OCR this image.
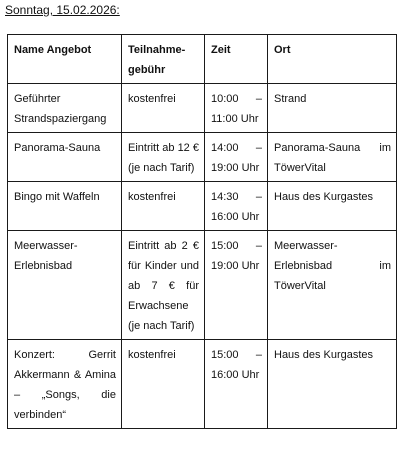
Sonntag, 15.02.2026:
Name Angebot	Teilnahme-gebühr	Zeit	Ort
Geführter Strandspaziergang	kostenfrei	10:00 – 11:00 Uhr	Strand
Panorama-Sauna	Eintritt ab 12 € (je nach Tarif)	14:00 – 19:00 Uhr	Panorama-Sauna im TöwerVital
Bingo mit Waffeln	kostenfrei	14:30 – 16:00 Uhr	Haus des Kurgastes
Meerwasser-Erlebnisbad	Eintritt ab 2 € für Kinder und ab 7 € für Erwachsene (je nach Tarif)	15:00 – 19:00 Uhr	Meerwasser-Erlebnisbad im TöwerVital
Konzert: Gerrit Akkermann & Amina – „Songs, die verbinden“	kostenfrei	15:00 – 16:00 Uhr	Haus des Kurgastes
